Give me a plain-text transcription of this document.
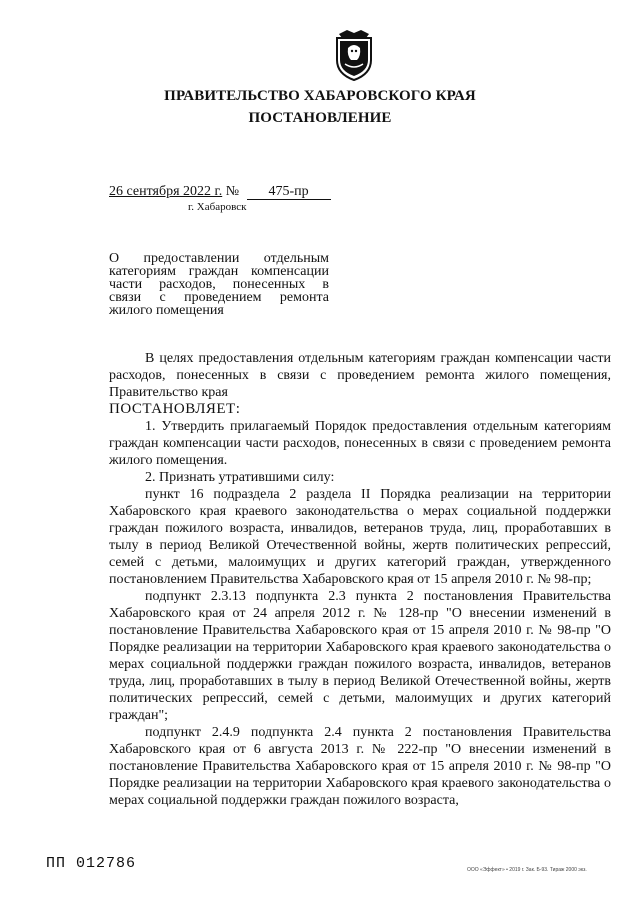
ПРАВИТЕЛЬСТВО ХАБАРОВСКОГО КРАЯ
ПОСТАНОВЛЕНИЕ
26 сентября 2022 г. № 475-пр
г. Хабаровск

О предоставлении отдельным

категориям граждан компенсации

части расходов, понесенных в

связи с проведением ремонта

жилого помещения

В целях предоставления отдельным категориям граждан компенсации части расходов, понесенных в связи с проведением ремонта жилого помещения, Правительство края

ПОСТАНОВЛЯЕТ:

1. Утвердить прилагаемый Порядок предоставления отдельным категориям граждан компенсации части расходов, понесенных в связи с проведением ремонта жилого помещения.

2. Признать утратившими силу:

пункт 16 подраздела 2 раздела II Порядка реализации на территории Хабаровского края краевого законодательства о мерах социальной поддержки граждан пожилого возраста, инвалидов, ветеранов труда, лиц, проработавших в тылу в период Великой Отечественной войны, жертв политических репрессий, семей с детьми, малоимущих и других категорий граждан, утвержденного постановлением Правительства Хабаровского края от 15 апреля 2010 г. № 98-пр;

подпункт 2.3.13 подпункта 2.3 пункта 2 постановления Правительства Хабаровского края от 24 апреля 2012 г. № 128-пр "О внесении изменений в постановление Правительства Хабаровского края от 15 апреля 2010 г. № 98-пр "О Порядке реализации на территории Хабаровского края краевого законодательства о мерах социальной поддержки граждан пожилого возраста, инвалидов, ветеранов труда, лиц, проработавших в тылу в период Великой Отечественной войны, жертв политических репрессий, семей с детьми, малоимущих и других категорий граждан";

подпункт 2.4.9 подпункта 2.4 пункта 2 постановления Правительства Хабаровского края от 6 августа 2013 г. № 222-пр "О внесении изменений в постановление Правительства Хабаровского края от 15 апреля 2010 г. № 98-пр "О Порядке реализации на территории Хабаровского края краевого законодательства о мерах социальной поддержки граждан пожилого возраста,

ПП 012786	ООО «Эффект» • 2019 г. Зак. Б-93. Тираж 2000 экз.
